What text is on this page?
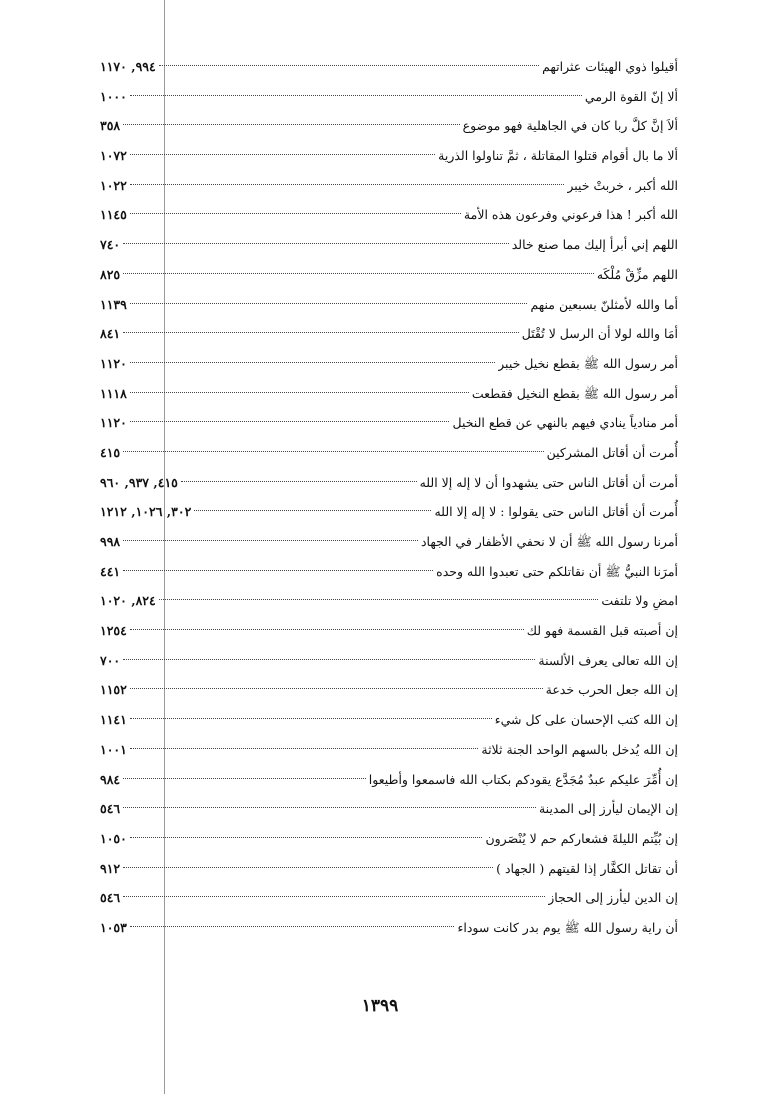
أقيلوا ذوي الهيئات عثراتهم
٩٩٤, ١١٧٠
ألا إنّ القوة الرمي
١٠٠٠
ألاَ إنَّ كلَّ ربا كان في الجاهلية فهو موضوع
٣٥٨
ألا ما بال أقوام قتلوا المقاتلة ، ثمَّ تناولوا الذرية
١٠٧٢
الله أكبر ، خربتْ خيبر
١٠٢٢
الله أكبر ! هذا فرعوني وفرعون هذه الأمة
١١٤٥
اللهم إني أبرأ إليك مما صنع خالد
٧٤٠
اللهم مزِّقْ مُلْكَه
٨٢٥
أما والله لأمثلنّ بسبعين منهم
١١٣٩
أمَا والله لولا أن الرسل لا تُقْتَل
٨٤١
أمر رسول الله ﷺ بقطع نخيل خيبر
١١٢٠
أمر رسول الله ﷺ بقطع النخيل فقطعت
١١١٨
أمر منادياً ينادي فيهم بالنهي عن قطع النخيل
١١٢٠
أُمرت أن أقاتل المشركين
٤١٥
أمرت أن أقاتل الناس حتى يشهدوا أن لا إله إلا الله
٤١٥, ٩٣٧, ٩٦٠
أُمرت أن أقاتل الناس حتى يقولوا : لا إله إلا الله
٣٠٢, ١٠٢٦, ١٢١٢
أمرنا رسول الله ﷺ أن لا نحفي الأظفار في الجهاد
٩٩٨
أمرَنا النبيُّ ﷺ أن نقاتلكم حتى تعبدوا الله وحده
٤٤١
امضِ ولا تلتفت
٨٢٤, ١٠٢٠
إن أصبته قبل القسمة فهو لك
١٢٥٤
إن الله تعالى يعرف الألسنة
٧٠٠
إن الله جعل الحرب خدعة
١١٥٢
إن الله كتب الإحسان على كل شيء
١١٤١
إن الله يُدخل بالسهم الواحد الجنة ثلاثة
١٠٠١
إن أُمِّرَ عليكم عبدٌ مُجَدَّع يقودكم بكتاب الله فاسمعوا وأطيعوا
٩٨٤
إن الإيمان ليأرز إلى المدينة
٥٤٦
إن بُيِّتم الليلةَ فشعاركم حم لا يُنْصَرون
١٠٥٠
أن تقاتل الكفَّار إذا لقيتهم ( الجهاد )
٩١٢
إن الدين ليأرز إلى الحجاز
٥٤٦
أن راية رسول الله ﷺ يوم بدر كانت سوداء
١٠٥٣
١٣٩٩
